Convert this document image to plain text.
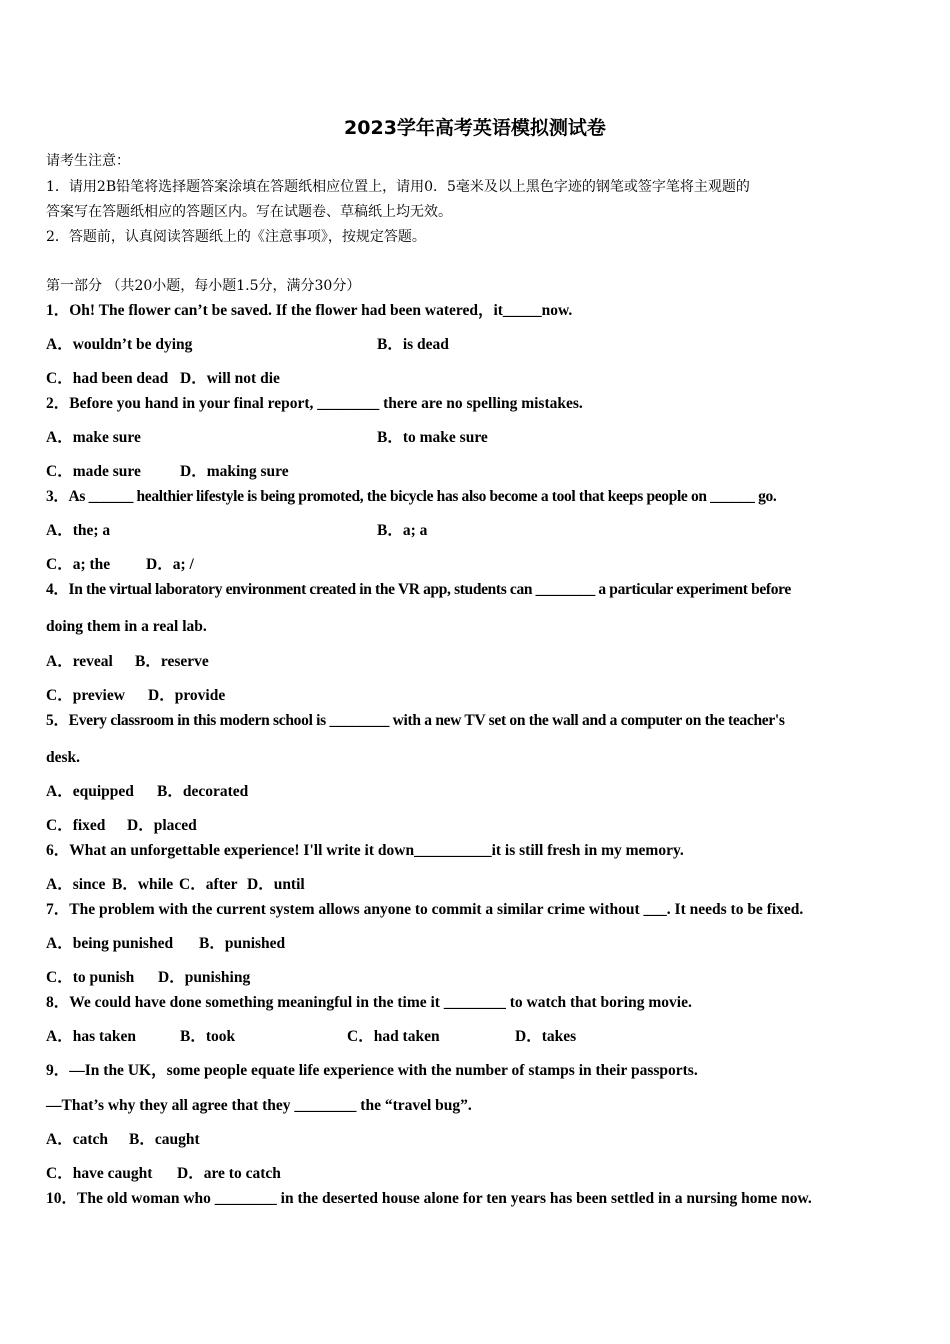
2023学年高考英语模拟测试卷
请考生注意：
1．请用2B铅笔将选择题答案涂填在答题纸相应位置上，请用0．5毫米及以上黑色字迹的钢笔或签字笔将主观题的
答案写在答题纸相应的答题区内。写在试题卷、草稿纸上均无效。
2．答题前，认真阅读答题纸上的《注意事项》，按规定答题。
第一部分 （共20小题，每小题1.5分，满分30分）
1．Oh! The flower can’t be saved. If the flower had been watered，it_____now.
A．wouldn’t be dying	B．is dead
C．had been dead D．will not die
2．Before you hand in your final report, ________ there are no spelling mistakes.
A．make sure	B．to make sure
C．made sure	D．making sure
3．As ______ healthier lifestyle is being promoted, the bicycle has also become a tool that keeps people on ______ go.
A．the; a	B．a; a
C．a; the D．a; /
4．In the virtual laboratory environment created in the VR app, students can ________ a particular experiment before
doing them in a real lab.
A．reveal B．reserve
C．preview D．provide
5．Every classroom in this modern school is ________ with a new TV set on the wall and a computer on the teacher's
desk.
A．equipped B．decorated
C．fixed D．placed
6．What an unforgettable experience! I'll write it down__________it is still fresh in my memory.
A．since B．while C．after D．until
7．The problem with the current system allows anyone to commit a similar crime without ___. It needs to be fixed.
A．being punished B．punished
C．to punish D．punishing
8．We could have done something meaningful in the time it ________ to watch that boring movie.
A．has taken	B．took	C．had taken	D．takes
9．—In the UK，some people equate life experience with the number of stamps in their passports.
—That’s why they all agree that they ________ the “travel bug”.
A．catch B．caught
C．have caught D．are to catch
10．The old woman who ________ in the deserted house alone for ten years has been settled in a nursing home now.
